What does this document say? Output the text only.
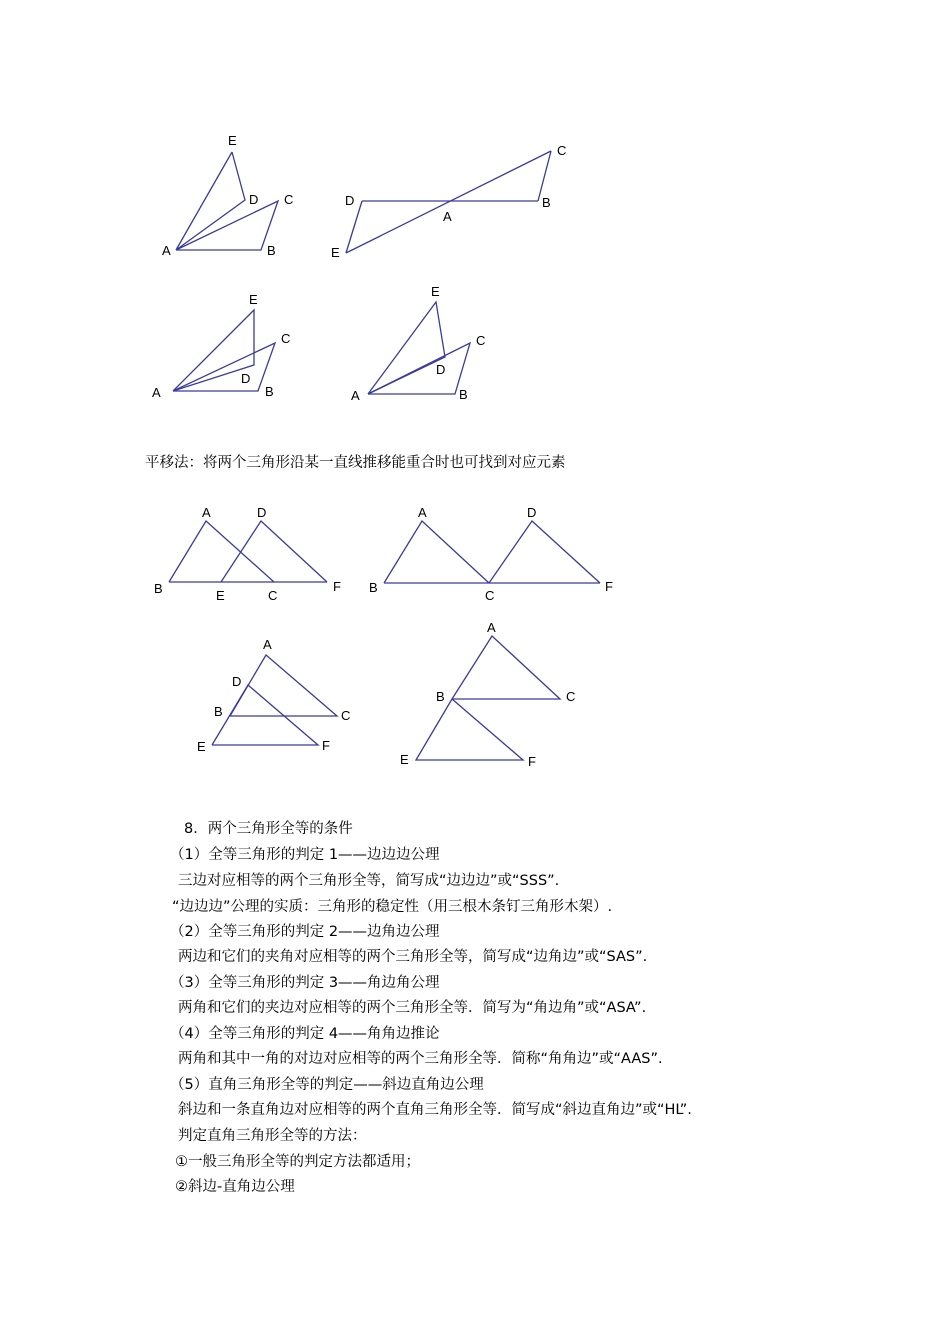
E
D C
A	B
C
D
A
B
E
E
C
A
D
B
E
C
D
A	B
平移法：将两个三角形沿某一直线推移能重合时也可找到对应元素
A	D
B	E	C
F
A	D
B
C
F
A
D
B	C
E	F
A
B	C
E	F
8．两个三角形全等的条件
（1）全等三角形的判定 1——边边边公理
三边对应相等的两个三角形全等，简写成“边边边”或“SSS”.
“边边边”公理的实质：三角形的稳定性（用三根木条钉三角形木架）.
（2）全等三角形的判定 2——边角边公理
两边和它们的夹角对应相等的两个三角形全等，简写成“边角边”或“SAS”.
（3）全等三角形的判定 3——角边角公理
两角和它们的夹边对应相等的两个三角形全等．简写为“角边角”或“ASA”.
（4）全等三角形的判定 4——角角边推论
两角和其中一角的对边对应相等的两个三角形全等．简称“角角边”或“AAS”.
（5）直角三角形全等的判定——斜边直角边公理
斜边和一条直角边对应相等的两个直角三角形全等．简写成“斜边直角边”或“HL”.
判定直角三角形全等的方法：
①一般三角形全等的判定方法都适用；
②斜边-直角边公理
